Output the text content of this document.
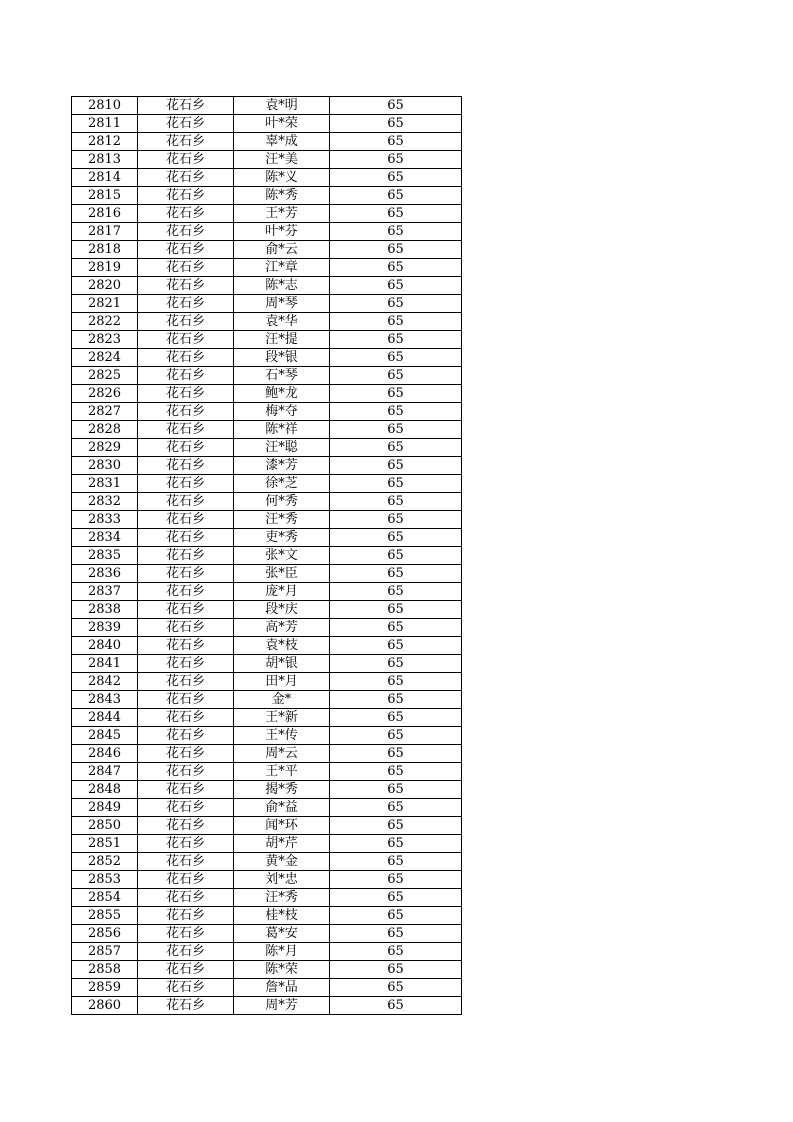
2810	花石乡	袁*明	65
2811	花石乡	叶*荣	65
2812	花石乡	辜*成	65
2813	花石乡	汪*美	65
2814	花石乡	陈*义	65
2815	花石乡	陈*秀	65
2816	花石乡	王*芳	65
2817	花石乡	叶*芬	65
2818	花石乡	俞*云	65
2819	花石乡	江*章	65
2820	花石乡	陈*志	65
2821	花石乡	周*琴	65
2822	花石乡	袁*华	65
2823	花石乡	汪*提	65
2824	花石乡	段*银	65
2825	花石乡	石*琴	65
2826	花石乡	鲍*龙	65
2827	花石乡	梅*夺	65
2828	花石乡	陈*祥	65
2829	花石乡	汪*聪	65
2830	花石乡	漆*芳	65
2831	花石乡	徐*芝	65
2832	花石乡	何*秀	65
2833	花石乡	汪*秀	65
2834	花石乡	吏*秀	65
2835	花石乡	张*文	65
2836	花石乡	张*臣	65
2837	花石乡	庞*月	65
2838	花石乡	段*庆	65
2839	花石乡	高*芳	65
2840	花石乡	袁*枝	65
2841	花石乡	胡*银	65
2842	花石乡	田*月	65
2843	花石乡	金*	65
2844	花石乡	王*新	65
2845	花石乡	王*传	65
2846	花石乡	周*云	65
2847	花石乡	王*平	65
2848	花石乡	揭*秀	65
2849	花石乡	俞*益	65
2850	花石乡	闻*环	65
2851	花石乡	胡*芹	65
2852	花石乡	黄*金	65
2853	花石乡	刘*忠	65
2854	花石乡	汪*秀	65
2855	花石乡	桂*枝	65
2856	花石乡	葛*安	65
2857	花石乡	陈*月	65
2858	花石乡	陈*荣	65
2859	花石乡	詹*品	65
2860	花石乡	周*芳	65
